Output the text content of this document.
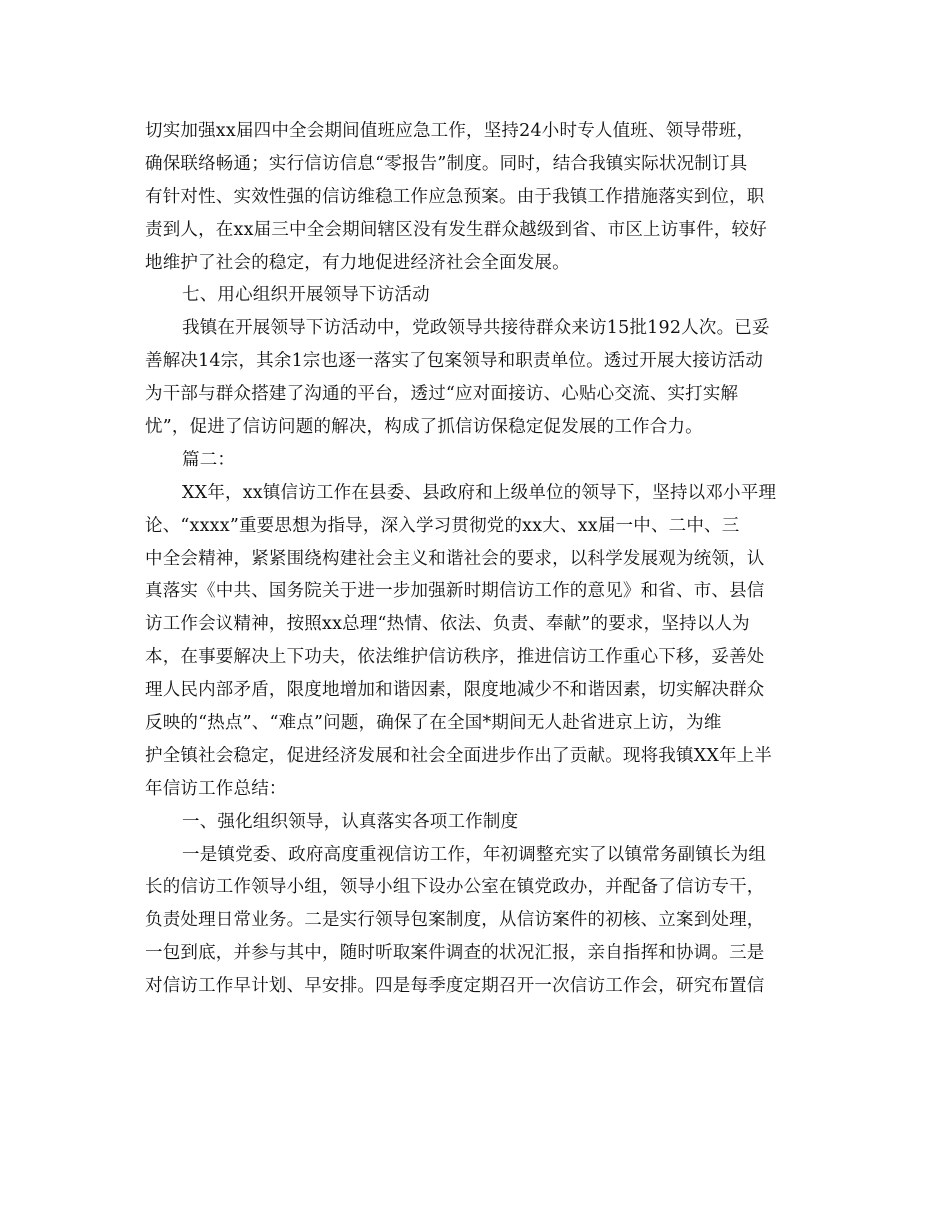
切实加强xx届四中全会期间值班应急工作，坚持24小时专人值班、领导带班，
确保联络畅通；实行信访信息“零报告”制度。同时，结合我镇实际状况制订具
有针对性、实效性强的信访维稳工作应急预案。由于我镇工作措施落实到位，职
责到人，在xx届三中全会期间辖区没有发生群众越级到省、市区上访事件，较好
地维护了社会的稳定，有力地促进经济社会全面发展。
七、用心组织开展领导下访活动
我镇在开展领导下访活动中，党政领导共接待群众来访15批192人次。已妥
善解决14宗，其余1宗也逐一落实了包案领导和职责单位。透过开展大接访活动
为干部与群众搭建了沟通的平台，透过“应对面接访、心贴心交流、实打实解
忧”，促进了信访问题的解决，构成了抓信访保稳定促发展的工作合力。
篇二：
XX年，xx镇信访工作在县委、县政府和上级单位的领导下，坚持以邓小平理
论、“xxxx”重要思想为指导，深入学习贯彻党的xx大、xx届一中、二中、三
中全会精神，紧紧围绕构建社会主义和谐社会的要求，以科学发展观为统领，认
真落实《中共、国务院关于进一步加强新时期信访工作的意见》和省、市、县信
访工作会议精神，按照xx总理“热情、依法、负责、奉献”的要求，坚持以人为
本，在事要解决上下功夫，依法维护信访秩序，推进信访工作重心下移，妥善处
理人民内部矛盾，限度地增加和谐因素，限度地减少不和谐因素，切实解决群众
反映的“热点”、“难点”问题，确保了在全国*期间无人赴省进京上访，为维
护全镇社会稳定，促进经济发展和社会全面进步作出了贡献。现将我镇XX年上半
年信访工作总结：
一、强化组织领导，认真落实各项工作制度
一是镇党委、政府高度重视信访工作，年初调整充实了以镇常务副镇长为组
长的信访工作领导小组，领导小组下设办公室在镇党政办，并配备了信访专干，
负责处理日常业务。二是实行领导包案制度，从信访案件的初核、立案到处理，
一包到底，并参与其中，随时听取案件调查的状况汇报，亲自指挥和协调。三是
对信访工作早计划、早安排。四是每季度定期召开一次信访工作会，研究布置信
